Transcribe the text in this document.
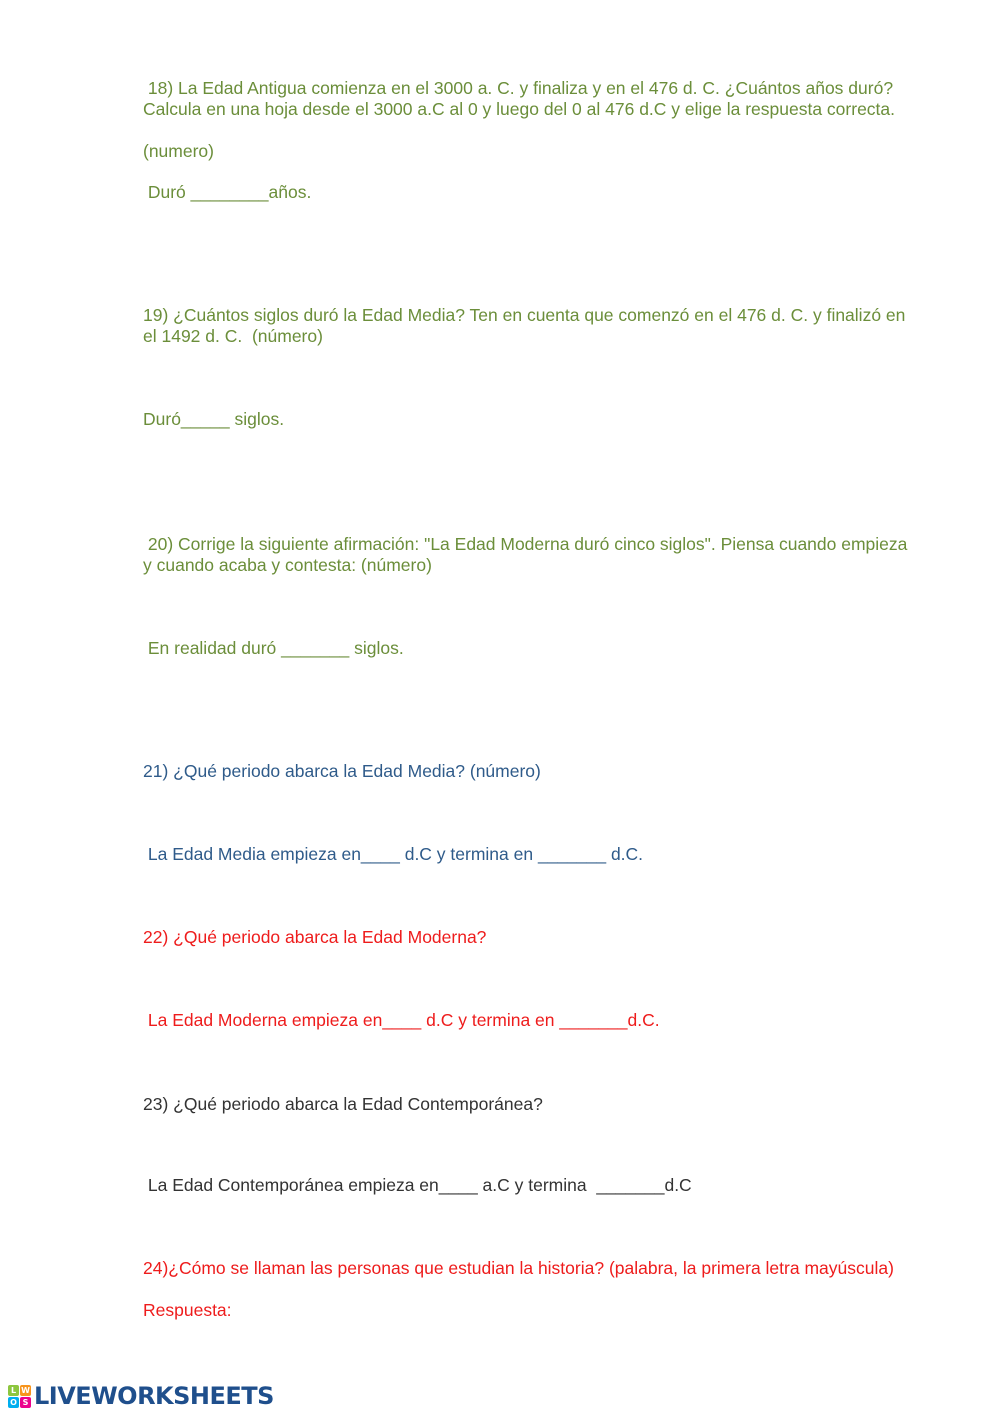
18) La Edad Antigua comienza en el 3000 a. C. y finaliza y en el 476 d. C. ¿Cuántos años duró?
Calcula en una hoja desde el 3000 a.C al 0 y luego del 0 al 476 d.C y elige la respuesta correcta.
(numero)
Duró ________años.
19) ¿Cuántos siglos duró la Edad Media? Ten en cuenta que comenzó en el 476 d. C. y finalizó en
el 1492 d. C.  (número)
Duró_____ siglos.
20) Corrige la siguiente afirmación: "La Edad Moderna duró cinco siglos". Piensa cuando empieza
y cuando acaba y contesta: (número)
En realidad duró _______ siglos.
21) ¿Qué periodo abarca la Edad Media? (número)
La Edad Media empieza en____ d.C y termina en _______ d.C.
22) ¿Qué periodo abarca la Edad Moderna?
La Edad Moderna empieza en____ d.C y termina en _______d.C.
23) ¿Qué periodo abarca la Edad Contemporánea?
La Edad Contemporánea empieza en____ a.C y termina  _______d.C
24)¿Cómo se llaman las personas que estudian la historia? (palabra, la primera letra mayúscula)
Respuesta:
L W
O S LIVEWORKSHEETS
